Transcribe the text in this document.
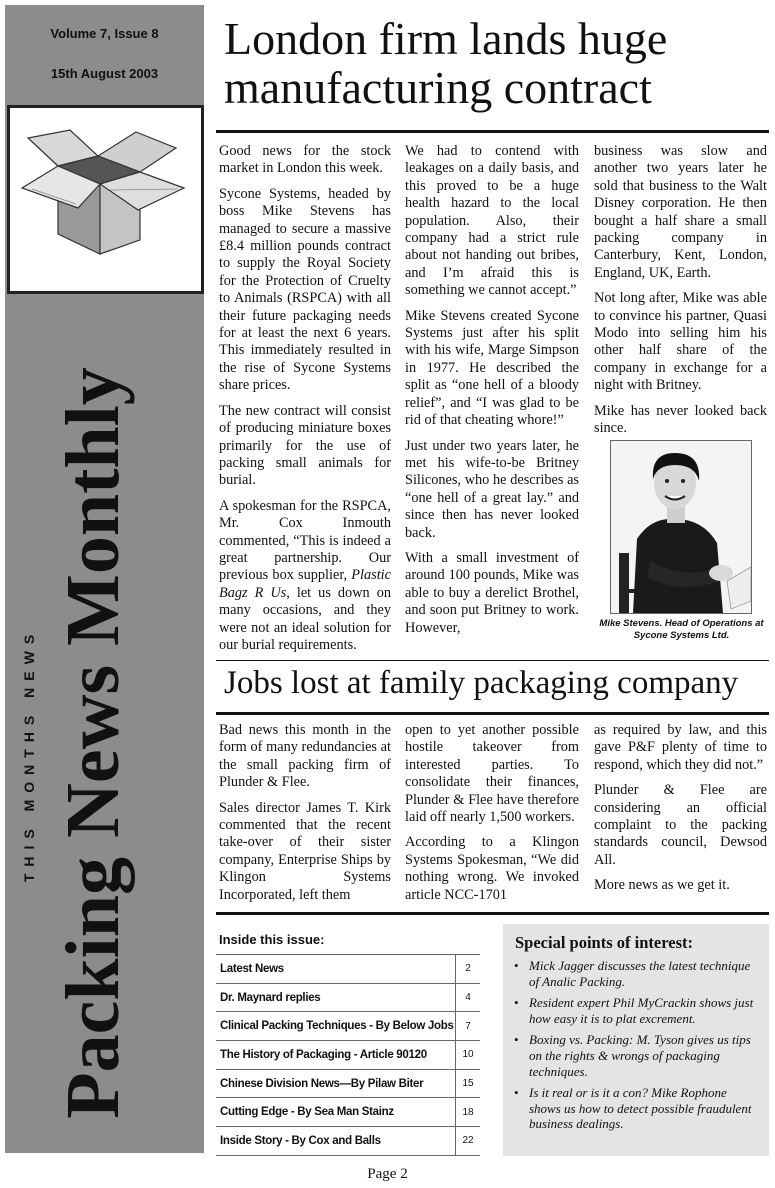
Volume 7, Issue 8
15th August 2003
Packing News Monthly
THIS MONTHS NEWS
London firm lands huge manufacturing contract

Good news for the stock market in London this week.

Sycone Systems, headed by boss Mike Stevens has managed to secure a massive £8.4 million pounds contract to supply the Royal Society for the Protection of Cruelty to Animals (RSPCA) with all their future packaging needs for at least the next 6 years. This immediately resulted in the rise of Sycone Systems share prices.

The new contract will consist of producing miniature boxes primarily for the use of packing small animals for burial.

A spokesman for the RSPCA, Mr. Cox Inmouth commented, “This is indeed a great partnership. Our previous box supplier, Plastic Bagz R Us, let us down on many occasions, and they were not an ideal solution for our burial requirements.

We had to contend with leakages on a daily basis, and this proved to be a huge health hazard to the local population. Also, their company had a strict rule about not handing out bribes, and I’m afraid this is something we cannot accept.”

Mike Stevens created Sycone Systems just after his split with his wife, Marge Simpson in 1977. He described the split as “one hell of a bloody relief”, and “I was glad to be rid of that cheating whore!”

Just under two years later, he met his wife-to-be Britney Silicones, who he describes as “one hell of a great lay.” and since then has never looked back.

With a small investment of around 100 pounds, Mike was able to buy a derelict Brothel, and soon put Britney to work. However,

business was slow and another two years later he sold that business to the Walt Disney corporation. He then bought a half share a small packing company in Canterbury, Kent, London, England, UK, Earth.

Not long after, Mike was able to convince his partner, Quasi Modo into selling him his other half share of the company in exchange for a night with Britney.

Mike has never looked back since.

Mike Stevens. Head of Operations at Sycone Systems Ltd.
Jobs lost at family packaging company

Bad news this month in the form of many redundancies at the small packing firm of Plunder & Flee.

Sales director James T. Kirk commented that the recent take-over of their sister company, Enterprise Ships by Klingon Systems Incorporated, left them

open to yet another possible hostile takeover from interested parties. To consolidate their finances, Plunder & Flee have therefore laid off nearly 1,500 workers.

According to a Klingon Systems Spokesman, “We did nothing wrong. We invoked article NCC-1701

as required by law, and this gave P&F plenty of time to respond, which they did not.”

Plunder & Flee are considering an official complaint to the packing standards council, Dewsod All.

More news as we get it.

Inside this issue:
Latest News	2
Dr. Maynard replies	4
Clinical Packing Techniques - By Below Jobs	7
The History of Packaging - Article 90120	10
Chinese Division News—By Pilaw Biter	15
Cutting Edge - By Sea Man Stainz	18
Inside Story - By Cox and Balls	22
Special points of interest:
• Mick Jagger discusses the latest technique of Analic Packing.
• Resident expert Phil MyCrackin shows just how easy it is to plat excrement.
• Boxing vs. Packing: M. Tyson gives us tips on the rights & wrongs of packaging techniques.
• Is it real or is it a con? Mike Rophone shows us how to detect possible fraudulent business dealings.
Page 2
